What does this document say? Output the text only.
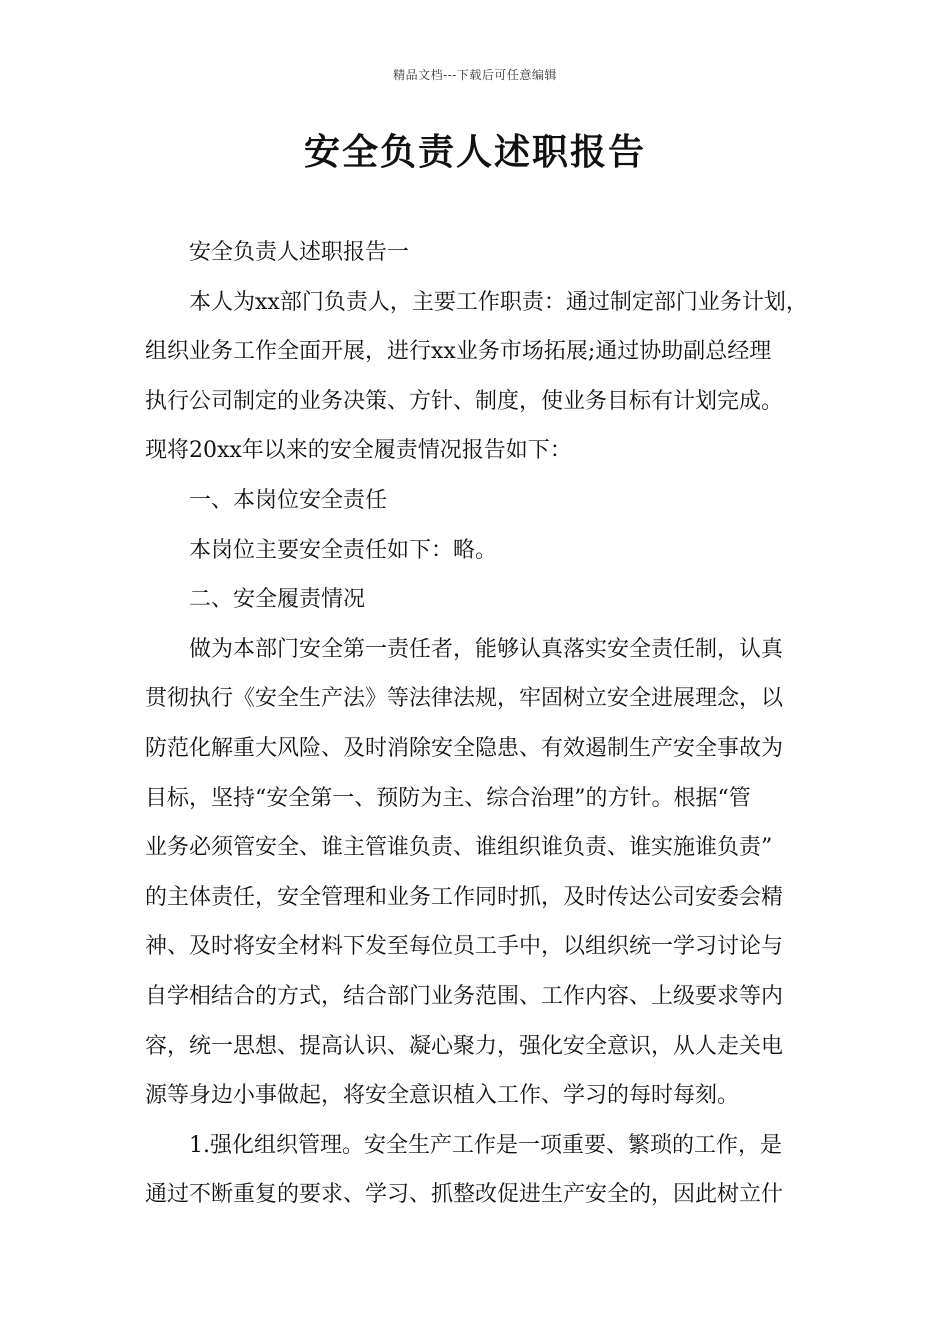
精品文档---下载后可任意编辑
安全负责人述职报告

安全负责人述职报告一

本人为xx部门负责人，主要工作职责：通过制定部门业务计划，

组织业务工作全面开展，进行xx业务市场拓展;通过协助副总经理

执行公司制定的业务决策、方针、制度，使业务目标有计划完成。

现将20xx年以来的安全履责情况报告如下：

一、本岗位安全责任

本岗位主要安全责任如下：略。

二、安全履责情况

做为本部门安全第一责任者，能够认真落实安全责任制，认真

贯彻执行《安全生产法》等法律法规，牢固树立安全进展理念，以

防范化解重大风险、及时消除安全隐患、有效遏制生产安全事故为

目标，坚持“安全第一、预防为主、综合治理”的方针。根据“管

业务必须管安全、谁主管谁负责、谁组织谁负责、谁实施谁负责”

的主体责任，安全管理和业务工作同时抓，及时传达公司安委会精

神、及时将安全材料下发至每位员工手中，以组织统一学习讨论与

自学相结合的方式，结合部门业务范围、工作内容、上级要求等内

容，统一思想、提高认识、凝心聚力，强化安全意识，从人走关电

源等身边小事做起，将安全意识植入工作、学习的每时每刻。

1.强化组织管理。安全生产工作是一项重要、繁琐的工作，是

通过不断重复的要求、学习、抓整改促进生产安全的，因此树立什
